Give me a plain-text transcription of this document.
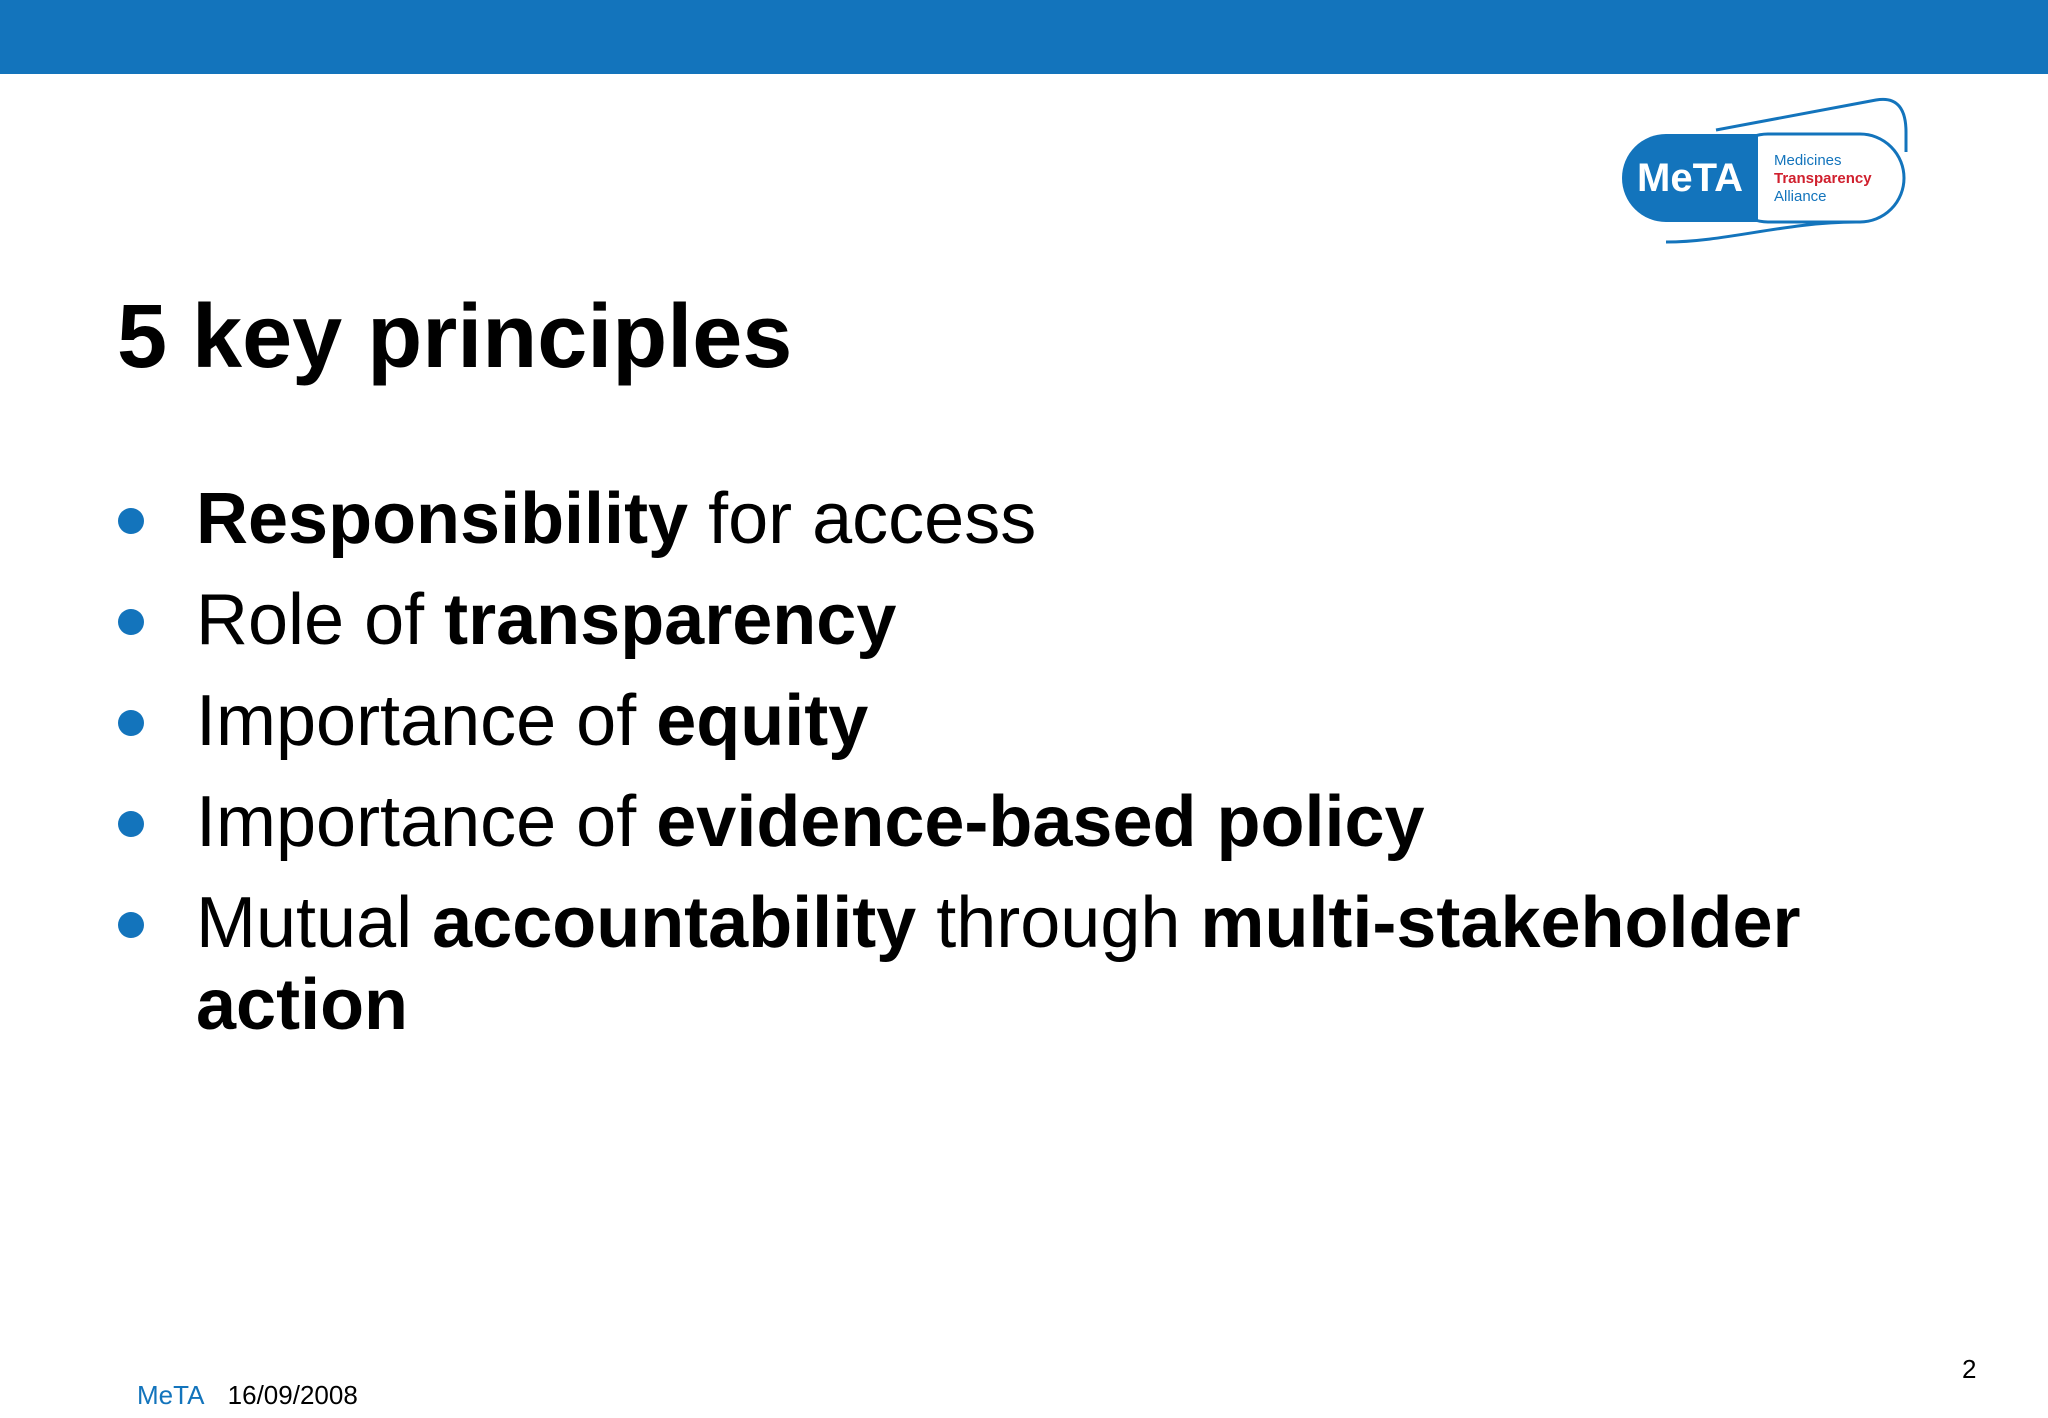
MeTA Medicines
Transparency
Alliance
5 key principles
Responsibility for access
Role of transparency
Importance of equity
Importance of evidence-based policy
Mutual accountability through multi-stakeholder action
MeTA 16/09/2008
2
